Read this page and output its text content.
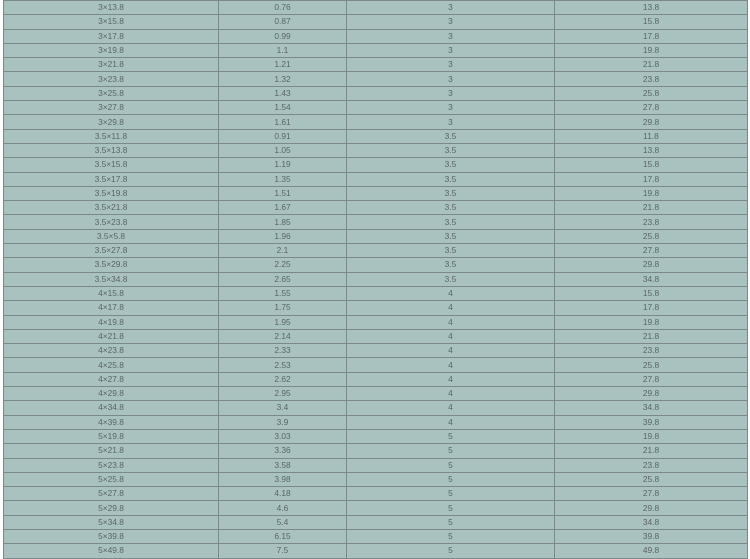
3×13.8	0.76	3	13.8
3×15.8	0.87	3	15.8
3×17.8	0.99	3	17.8
3×19.8	1.1	3	19.8
3×21.8	1.21	3	21.8
3×23.8	1.32	3	23.8
3×25.8	1.43	3	25.8
3×27.8	1.54	3	27.8
3×29.8	1.61	3	29.8
3.5×11.8	0.91	3.5	11.8
3.5×13.8	1.05	3.5	13.8
3.5×15.8	1.19	3.5	15.8
3.5×17.8	1.35	3.5	17.8
3.5×19.8	1.51	3.5	19.8
3.5×21.8	1.67	3.5	21.8
3.5×23.8	1.85	3.5	23.8
3.5×5.8	1.96	3.5	25.8
3.5×27.8	2.1	3.5	27.8
3.5×29.8	2.25	3.5	29.8
3.5×34.8	2.65	3.5	34.8
4×15.8	1.55	4	15.8
4×17.8	1.75	4	17.8
4×19.8	1.95	4	19.8
4×21.8	2.14	4	21.8
4×23.8	2.33	4	23.8
4×25.8	2.53	4	25.8
4×27.8	2.62	4	27.8
4×29.8	2.95	4	29.8
4×34.8	3.4	4	34.8
4×39.8	3.9	4	39.8
5×19.8	3.03	5	19.8
5×21.8	3.36	5	21.8
5×23.8	3.58	5	23.8
5×25.8	3.98	5	25.8
5×27.8	4.18	5	27.8
5×29.8	4.6	5	29.8
5×34.8	5.4	5	34.8
5×39.8	6.15	5	39.8
5×49.8	7.5	5	49.8
